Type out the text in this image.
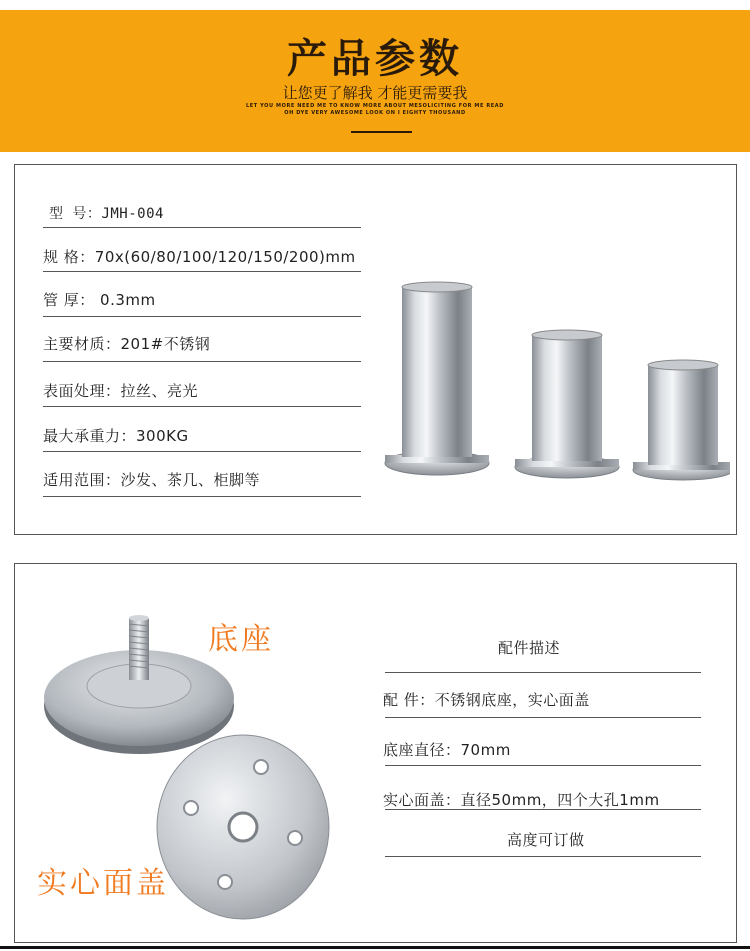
产品参数
让您更了解我 才能更需要我
LET YOU MORE NEED ME TO KNOW MORE ABOUT MESOLICITING FOR ME READ
OH DYE VERY AWESOME LOOK ON I EIGHTY THOUSAND
型 号：JMH-004
规 格：70x(60/80/100/120/150/200)mm
管 厚： 0.3mm
主要材质：201#不锈钢
表面处理：拉丝、亮光
最大承重力：300KG
适用范围：沙发、茶几、柜脚等
底座
实心面盖
配件描述
配 件：不锈钢底座，实心面盖
底座直径：70mm
实心面盖：直径50mm，四个大孔1mm
高度可订做
